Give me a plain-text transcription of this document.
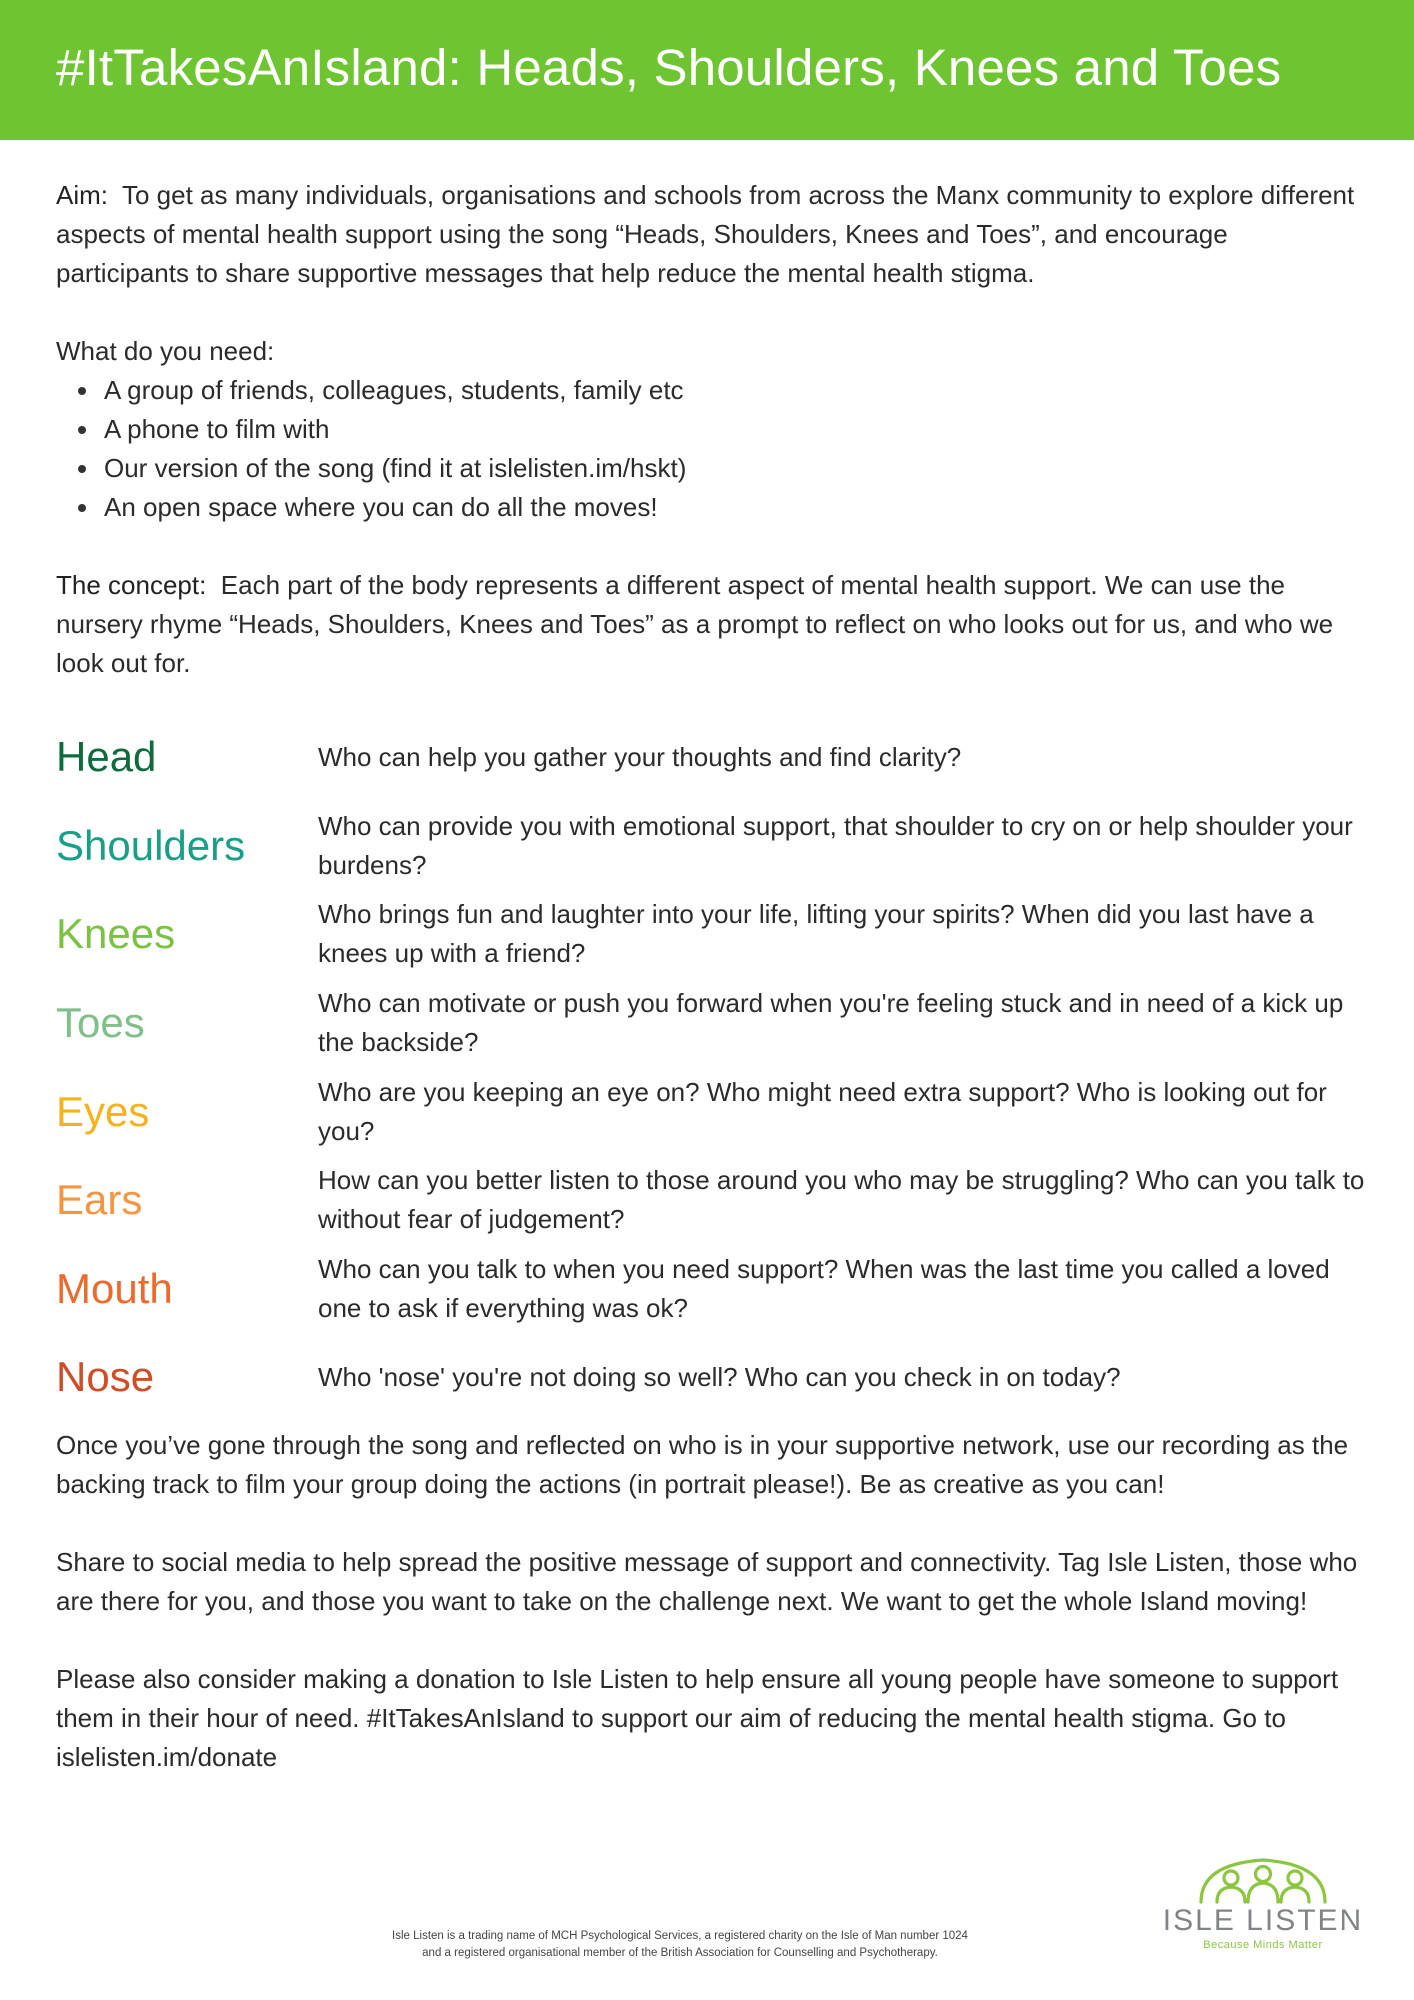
#ItTakesAnIsland: Heads, Shoulders, Knees and Toes

Aim: To get as many individuals, organisations and schools from across the Manx community to explore different aspects of mental health support using the song “Heads, Shoulders, Knees and Toes”, and encourage participants to share supportive messages that help reduce the mental health stigma.

What do you need:

A group of friends, colleagues, students, family etc
A phone to film with
Our version of the song (find it at islelisten.im/hskt)
An open space where you can do all the moves!

The concept: Each part of the body represents a different aspect of mental health support. We can use the nursery rhyme “Heads, Shoulders, Knees and Toes” as a prompt to reflect on who looks out for us, and who we look out for.

Head	Who can help you gather your thoughts and find clarity?
Shoulders	Who can provide you with emotional support, that shoulder to cry on or help shoulder your burdens?
Knees	Who brings fun and laughter into your life, lifting your spirits? When did you last have a knees up with a friend?
Toes	Who can motivate or push you forward when you're feeling stuck and in need of a kick up the backside?
Eyes	Who are you keeping an eye on? Who might need extra support? Who is looking out for you?
Ears	How can you better listen to those around you who may be struggling? Who can you talk to without fear of judgement?
Mouth	Who can you talk to when you need support? When was the last time you called a loved one to ask if everything was ok?
Nose	Who 'nose' you're not doing so well? Who can you check in on today?

Once you’ve gone through the song and reflected on who is in your supportive network, use our recording as the backing track to film your group doing the actions (in portrait please!). Be as creative as you can!

Share to social media to help spread the positive message of support and connectivity. Tag Isle Listen, those who are there for you, and those you want to take on the challenge next. We want to get the whole Island moving!

Please also consider making a donation to Isle Listen to help ensure all young people have someone to support them in their hour of need. #ItTakesAnIsland to support our aim of reducing the mental health stigma. Go to islelisten.im/donate

Isle Listen is a trading name of MCH Psychological Services, a registered charity on the Isle of Man number 1024
and a registered organisational member of the British Association for Counselling and Psychotherapy.
ISLE LISTEN
Because Minds Matter
